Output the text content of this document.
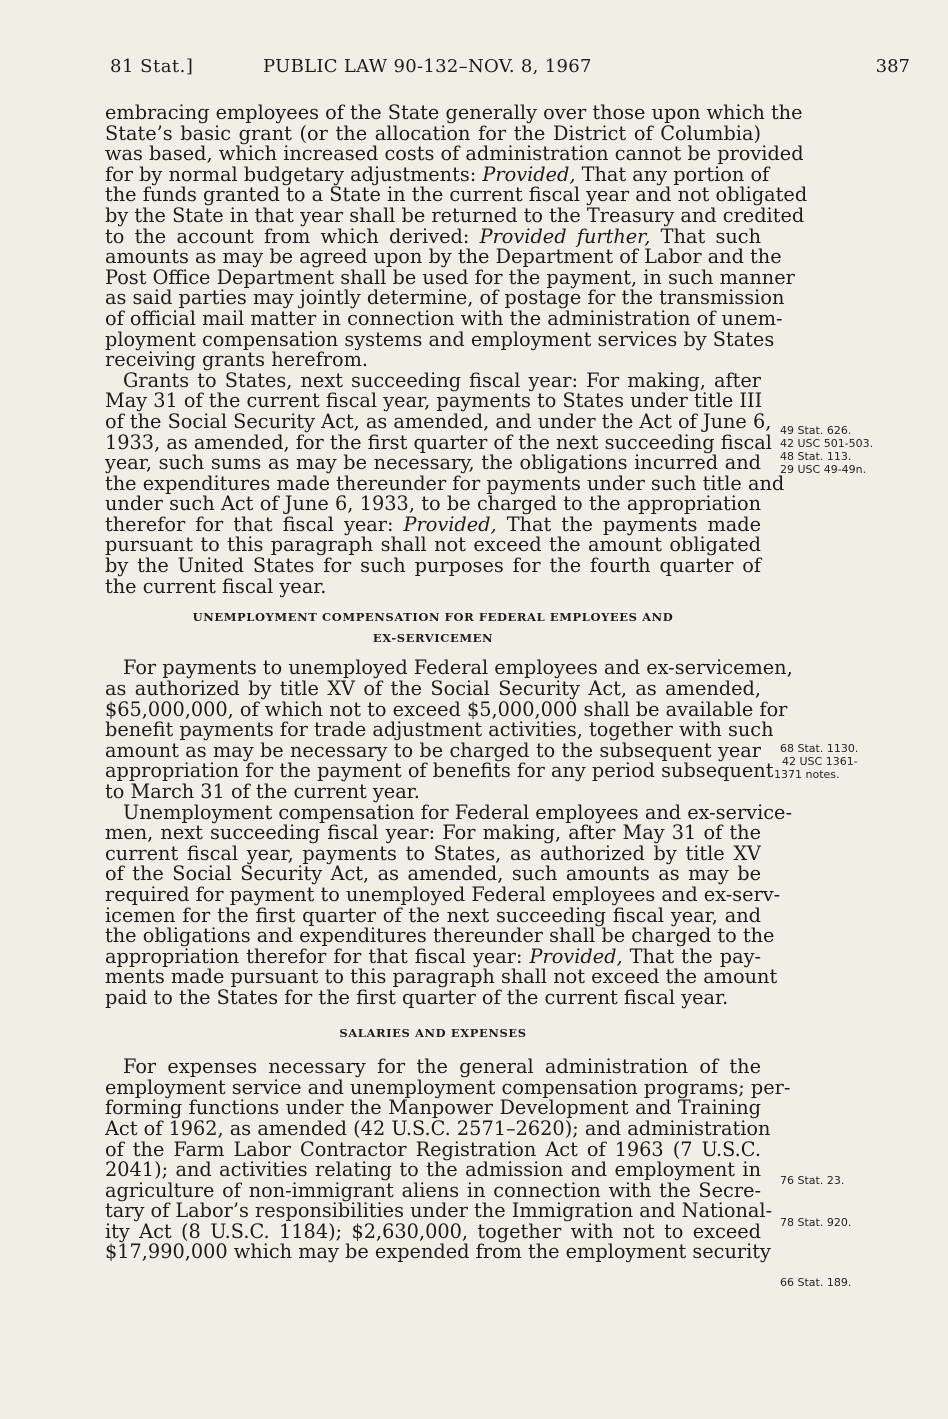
81 Stat.]	PUBLIC LAW 90-132–NOV. 8, 1967	387
embracing employees of the State generally over those upon which the
State’s basic grant (or the allocation for the District of Columbia)
was based, which increased costs of administration cannot be provided
for by normal budgetary adjustments: Provided, That any portion of
the funds granted to a State in the current fiscal year and not obligated
by the State in that year shall be returned to the Treasury and credited
to the account from which derived: Provided further, That such
amounts as may be agreed upon by the Department of Labor and the
Post Office Department shall be used for the payment, in such manner
as said parties may jointly determine, of postage for the transmission
of official mail matter in connection with the administration of unem-
ployment compensation systems and employment services by States
receiving grants herefrom.
Grants to States, next succeeding fiscal year: For making, after
May 31 of the current fiscal year, payments to States under title III
of the Social Security Act, as amended, and under the Act of June 6,
1933, as amended, for the first quarter of the next succeeding fiscal
year, such sums as may be necessary, the obligations incurred and
the expenditures made thereunder for payments under such title and
under such Act of June 6, 1933, to be charged to the appropriation
therefor for that fiscal year: Provided, That the payments made
pursuant to this paragraph shall not exceed the amount obligated
by the United States for such purposes for the fourth quarter of
the current fiscal year.
UNEMPLOYMENT COMPENSATION FOR FEDERAL EMPLOYEES AND
EX-SERVICEMEN
For payments to unemployed Federal employees and ex-servicemen,
as authorized by title XV of the Social Security Act, as amended,
$65,000,000, of which not to exceed $5,000,000 shall be available for
benefit payments for trade adjustment activities, together with such
amount as may be necessary to be charged to the subsequent year
appropriation for the payment of benefits for any period subsequent
to March 31 of the current year.
Unemployment compensation for Federal employees and ex-service-
men, next succeeding fiscal year: For making, after May 31 of the
current fiscal year, payments to States, as authorized by title XV
of the Social Security Act, as amended, such amounts as may be
required for payment to unemployed Federal employees and ex-serv-
icemen for the first quarter of the next succeeding fiscal year, and
the obligations and expenditures thereunder shall be charged to the
appropriation therefor for that fiscal year: Provided, That the pay-
ments made pursuant to this paragraph shall not exceed the amount
paid to the States for the first quarter of the current fiscal year.
SALARIES AND EXPENSES
For expenses necessary for the general administration of the
employment service and unemployment compensation programs; per-
forming functions under the Manpower Development and Training
Act of 1962, as amended (42 U.S.C. 2571–2620); and administration
of the Farm Labor Contractor Registration Act of 1963 (7 U.S.C.
2041); and activities relating to the admission and employment in
agriculture of non-immigrant aliens in connection with the Secre-
tary of Labor’s responsibilities under the Immigration and National-
ity Act (8 U.S.C. 1184); $2,630,000, together with not to exceed
$17,990,000 which may be expended from the employment security
49 Stat. 626.
42 USC 501-503.
48 Stat. 113.
29 USC 49-49n.
68 Stat. 1130.
42 USC 1361-
1371 notes.
76 Stat. 23.
78 Stat. 920.
66 Stat. 189.
